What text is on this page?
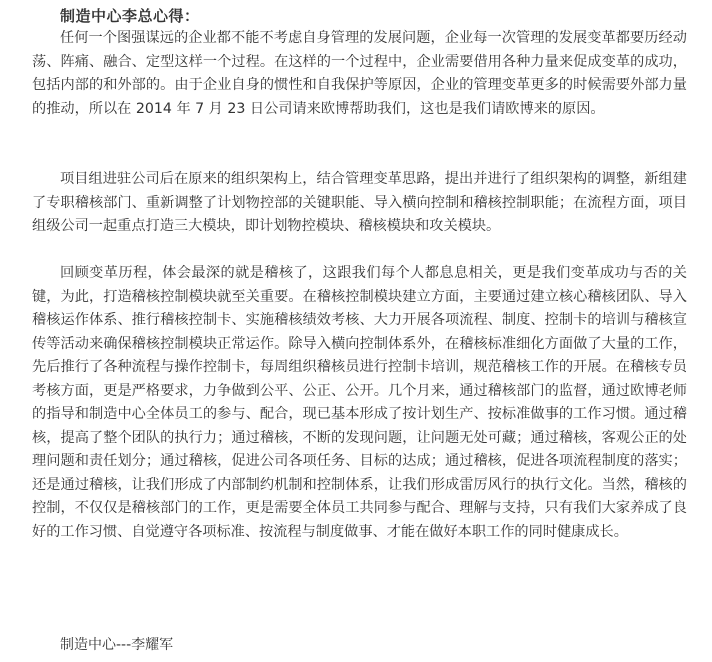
制造中心李总心得：

任何一个图强谋远的企业都不能不考虑自身管理的发展问题，企业每一次管理的发展变革都要历经动荡、阵痛、融合、定型这样一个过程。在这样的一个过程中，企业需要借用各种力量来促成变革的成功，包括内部的和外部的。由于企业自身的惯性和自我保护等原因，企业的管理变革更多的时候需要外部力量的推动，所以在 2014 年 7 月 23 日公司请来欧博帮助我们，这也是我们请欧博来的原因。

项目组进驻公司后在原来的组织架构上，结合管理变革思路，提出并进行了组织架构的调整，新组建了专职稽核部门、重新调整了计划物控部的关键职能、导入横向控制和稽核控制职能；在流程方面，项目组级公司一起重点打造三大模块，即计划物控模块、稽核模块和攻关模块。

回顾变革历程，体会最深的就是稽核了，这跟我们每个人都息息相关，更是我们变革成功与否的关键，为此，打造稽核控制模块就至关重要。在稽核控制模块建立方面，主要通过建立核心稽核团队、导入稽核运作体系、推行稽核控制卡、实施稽核绩效考核、大力开展各项流程、制度、控制卡的培训与稽核宣传等活动来确保稽核控制模块正常运作。除导入横向控制体系外，在稽核标准细化方面做了大量的工作，先后推行了各种流程与操作控制卡，每周组织稽核员进行控制卡培训，规范稽核工作的开展。在稽核专员考核方面，更是严格要求，力争做到公平、公正、公开。几个月来，通过稽核部门的监督，通过欧博老师的指导和制造中心全体员工的参与、配合，现已基本形成了按计划生产、按标准做事的工作习惯。通过稽核，提高了整个团队的执行力；通过稽核，不断的发现问题，让问题无处可藏；通过稽核，客观公正的处理问题和责任划分；通过稽核，促进公司各项任务、目标的达成；通过稽核，促进各项流程制度的落实；还是通过稽核，让我们形成了内部制约机制和控制体系，让我们形成雷厉风行的执行文化。当然，稽核的控制，不仅仅是稽核部门的工作，更是需要全体员工共同参与配合、理解与支持，只有我们大家养成了良好的工作习惯、自觉遵守各项标准、按流程与制度做事、才能在做好本职工作的同时健康成长。

制造中心---李耀军
